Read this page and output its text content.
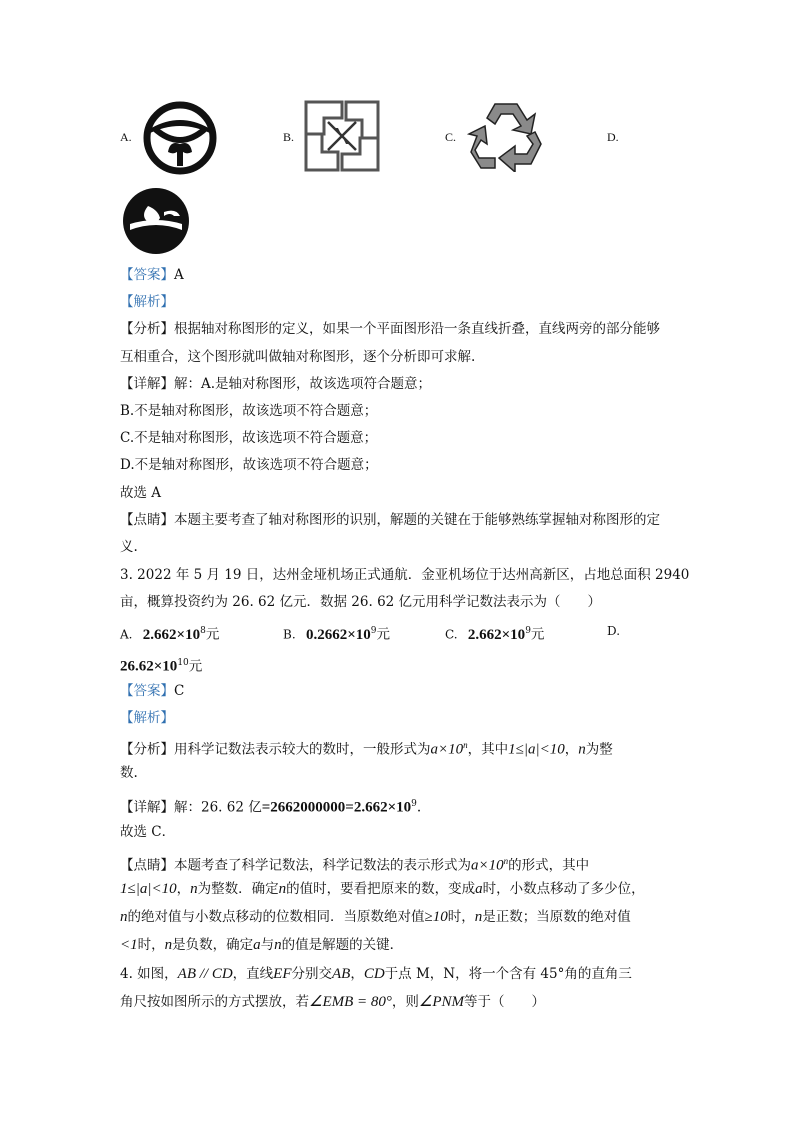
A.	B.	C.	D.
【答案】A
【解析】
【分析】根据轴对称图形的定义，如果一个平面图形沿一条直线折叠，直线两旁的部分能够
互相重合，这个图形就叫做轴对称图形，逐个分析即可求解.
【详解】解：A.是轴对称图形，故该选项符合题意；
B.不是轴对称图形，故该选项不符合题意；
C.不是轴对称图形，故该选项不符合题意；
D.不是轴对称图形，故该选项不符合题意；
故选 A
【点睛】本题主要考查了轴对称图形的识别，解题的关键在于能够熟练掌握轴对称图形的定
义.
3. 2022 年 5 月 19 日，达州金垭机场正式通航．金亚机场位于达州高新区，占地总面积 2940
亩，概算投资约为 26. 62 亿元．数据 26. 62 亿元用科学记数法表示为（　　）
A. $2.662\times 10^8$元	B. $0.2662\times 10^9$元	C. $2.662\times 10^9$元	D.
$26.62\times 10^{10}$元
【答案】C
【解析】
【分析】用科学记数法表示较大的数时，一般形式为$a\times 10^n$，其中1≤|a|<10，n为整
数.
【详解】解：26. 62 亿$=2662000000=2.662\times 10^9$.
故选 C．
【点睛】本题考查了科学记数法，科学记数法的表示形式为$a\times 10^n$的形式，其中
1≤|a|<10，n为整数．确定n的值时，要看把原来的数，变成a时，小数点移动了多少位，
n的绝对值与小数点移动的位数相同．当原数绝对值≥10时，n是正数；当原数的绝对值
<1时，n是负数，确定a与n的值是解题的关键．
4. 如图，AB // CD，直线EF分别交AB，CD于点 M，N，将一个含有 45°角的直角三
角尺按如图所示的方式摆放，若∠EMB = 80°，则∠PNM等于（　　）
